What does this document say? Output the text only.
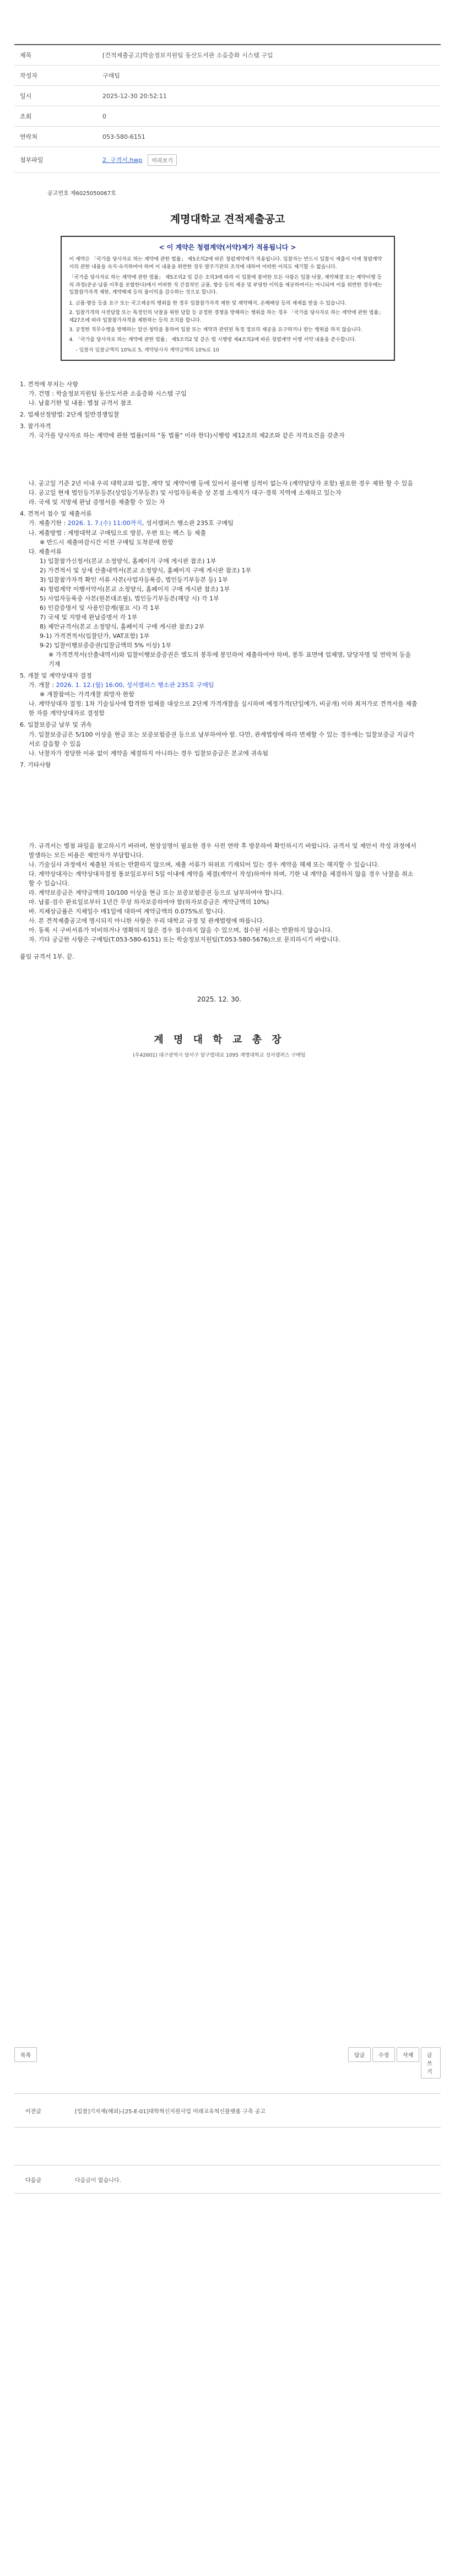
제목	[건적제출공고]학술정보지원팀 동산도서관 소음층화 시스템 구입
작성자	구매팀
일시	2025-12-30 20:52:11
조회	0
연락처	053-580-6151
첨부파일	2. 구격서.hwp	미리보기
공고번호 제6025050067호
계명대학교 견적제출공고
< 이 계약은 청렴계약(서약)제가 적용됩니다 >

이 계약은 「국가를 당사자로 하는 계약에 관한 법률」 제5조의2에 따른 청렴계약제가 적용됩니다. 입찰자는 반드시 입찰시 제출서 이에 청렴계약서의 관한 내용을 숙지·숙지하여야 하며 이 내용을 위반한 경우 발주기관의 조치에 대하여 어떠한 이의도 제기할 수 없습니다.

「국가를 당사자로 하는 계약에 관한 법률」 제5조의2 및 같은 조의3에 따라 이 입찰에 참여한 모든 사람은 입찰·낙찰, 계약체결 또는 계약이행 등의 과정(준공·납품 이후를 포함한다)에서 어떠한 직 간접적인 금품, 향응 등의 제공 및 부당한 이익을 제공하여서는 아니되며 이를 위반한 경우에는 입찰참가자격 제한, 계약해제 등의 불이익을 감수하는 것으로 합니다.

1. 금품·향응 등을 요구 또는 국고제공의 행위를 한 경우 입찰참가자격 제한 및 계약해지, 손해배상 등의 제재를 받을 수 있습니다.
2. 입찰가격의 사전담합 또는 특정인의 낙찰을 위한 담합 등 공정한 경쟁을 방해하는 행위를 하는 경우 「국가를 당사자로 하는 계약에 관한 법률」 제27조에 따라 입찰참가자격을 제한하는 등의 조치를 합니다.
3. 공정한 직무수행을 방해하는 알선·청탁을 통하여 입찰 또는 계약과 관련된 특정 정보의 제공을 요구하거나 받는 행위를 하지 않습니다.
4. 「국가를 당사자로 하는 계약에 관한 법률」 제5조의2 및 같은 법 시행령 제4조의2에 따른 청렴계약 이행 서약 내용을 준수합니다.
- 입찰자 입찰금액의 10%로 5, 계약당사자 계약금액의 10%로 10
1. 견적에 부치는 사항
가. 건명 : 학술정보지원팀 동산도서관 소음층화 시스템 구입
나. 납품기한 및 내용: 별첨 규격서 참조
2. 업체선정방법: 2단계 일반경쟁입찰
3. 참가자격
가. 국가를 당사자로 하는 계약에 관한 법률(이하 "동 법률" 이라 한다)시행령 제12조의 제2조와 같은 자격요건을 갖춘자
나. 공고일 기준 2년 이내 우리 대학교와 입찰, 계약 및 계약이행 등에 있어서 불이행 실적이 없는자 (계약담당자 포함) 필요한 경우 제한 할 수 있음
다. 공고일 현재 법인등기부등본(상업등기부등본) 및 사업자등록증 상 본점 소재지가 대구·경북 지역에 소재하고 있는자
라. 국세 및 지방세 완납 증명서를 제출할 수 있는 자
4. 견적서 접수 및 제출서류
가. 제출기한 : 2026. 1. 7.(수) 11:00까지, 성서캠퍼스 행소관 235호 구매팀
나. 제출방법 : 계명대학교 구매팀으로 방문, 우편 또는 팩스 등 제출
※ 반드시 제출마감시간 이전 구매팀 도착분에 한함
다. 제출서류
1) 입찰참가신청서(본교 소정양식, 홈페이지 구매 게시판 참조) 1부
2) 가견적서 및 상세 산출내역서(본교 소정양식, 홈페이지 구매 게시판 참조) 1부
3) 입찰참가자격 확인 서류 사본(사업자등록증, 법인등기부등본 등) 1부
4) 청렴계약 이행서약서(본교 소정양식, 홈페이지 구매 게시판 참조) 1부
5) 사업자등록증 사본(원본대조필), 법인등기부등본(해당 시) 각 1부
6) 인감증명서 및 사용인감계(필요 시) 각 1부
7) 국세 및 지방세 완납증명서 각 1부
8) 제안규격서(본교 소정양식, 홈페이지 구매 게시판 참조) 2부
9-1) 가격견적서(입찰단가, VAT포함) 1부
9-2) 입찰이행보증증권(입찰금액의 5% 이상) 1부
※ 가격견적서(산출내역서)와 입찰이행보증증권은 별도의 봉투에 봉인하여 제출하여야 하며, 봉투 표면에 업체명, 담당자명 및 연락처 등을 기재
5. 개찰 및 계약상대자 결정
가. 개찰 : 2026. 1. 12.(월) 16:00, 성서캠퍼스 행소관 235호 구매팀
※ 개찰참여는 가격개찰 희망자 한함
나. 계약상대자 결정: 1차 기술심사에 합격한 업체를 대상으로 2단계 가격개찰을 실시하며 예정가격(단일예가, 비공개) 이하 최저가로 견적서를 제출한 자를 계약상대자로 결정함
6. 입찰보증금 납부 및 귀속
가. 입찰보증금은 5/100 이상을 현금 또는 보증보험증권 등으로 납부하여야 함. 다만, 관계법령에 따라 면제할 수 있는 경우에는 입찰보증금 지급각서로 갈음할 수 있음
나. 낙찰자가 정당한 이유 없이 계약을 체결하지 아니하는 경우 입찰보증금은 본교에 귀속됨
7. 기타사항
가. 규격서는 별첨 파일을 참고하시기 바라며, 현장설명이 필요한 경우 사전 연락 후 방문하여 확인하시기 바랍니다. 규격서 및 제안서 작성 과정에서 발생하는 모든 비용은 제안자가 부담합니다.
나. 기술심사 과정에서 제출된 자료는 반환하지 않으며, 제출 서류가 허위로 기재되어 있는 경우 계약을 해제 또는 해지할 수 있습니다.
다. 계약상대자는 계약상대자결정 통보일로부터 5일 이내에 계약을 체결(계약서 작성)하여야 하며, 기한 내 계약을 체결하지 않을 경우 낙찰을 취소할 수 있습니다.
라. 계약보증금은 계약금액의 10/100 이상을 현금 또는 보증보험증권 등으로 납부하여야 합니다.
마. 납품·검수 완료일로부터 1년간 무상 하자보증하여야 함(하자보증금은 계약금액의 10%)
바. 지체상금률은 지체일수 매1일에 대하여 계약금액의 0.075%로 합니다.
사. 본 견적제출공고에 명시되지 아니한 사항은 우리 대학교 규정 및 관계법령에 따릅니다.
아. 동록 시 구비서류가 미비하거나 명확하지 않은 경우 접수하지 않을 수 있으며, 접수된 서류는 반환하지 않습니다.
자. 기타 궁금한 사항은 구매팀(T.053-580-6151) 또는 학술정보지원팀(T.053-580-5676)으로 문의하시기 바랍니다.
붙임 규격서 1부. 끝.
2025. 12. 30.
계 명 대 학 교 총 장
(우42601) 대구광역시 달서구 달구벌대로 1095 계명대학교 성서캠퍼스 구매팀
목록	답글	수정	삭제	글쓰기
이전글	[입찰]기자재(해외)-[25-E-01]대학혁신지원사업 미래교육혁신플랫폼 구축 공고
다음글	다음글이 없습니다.
